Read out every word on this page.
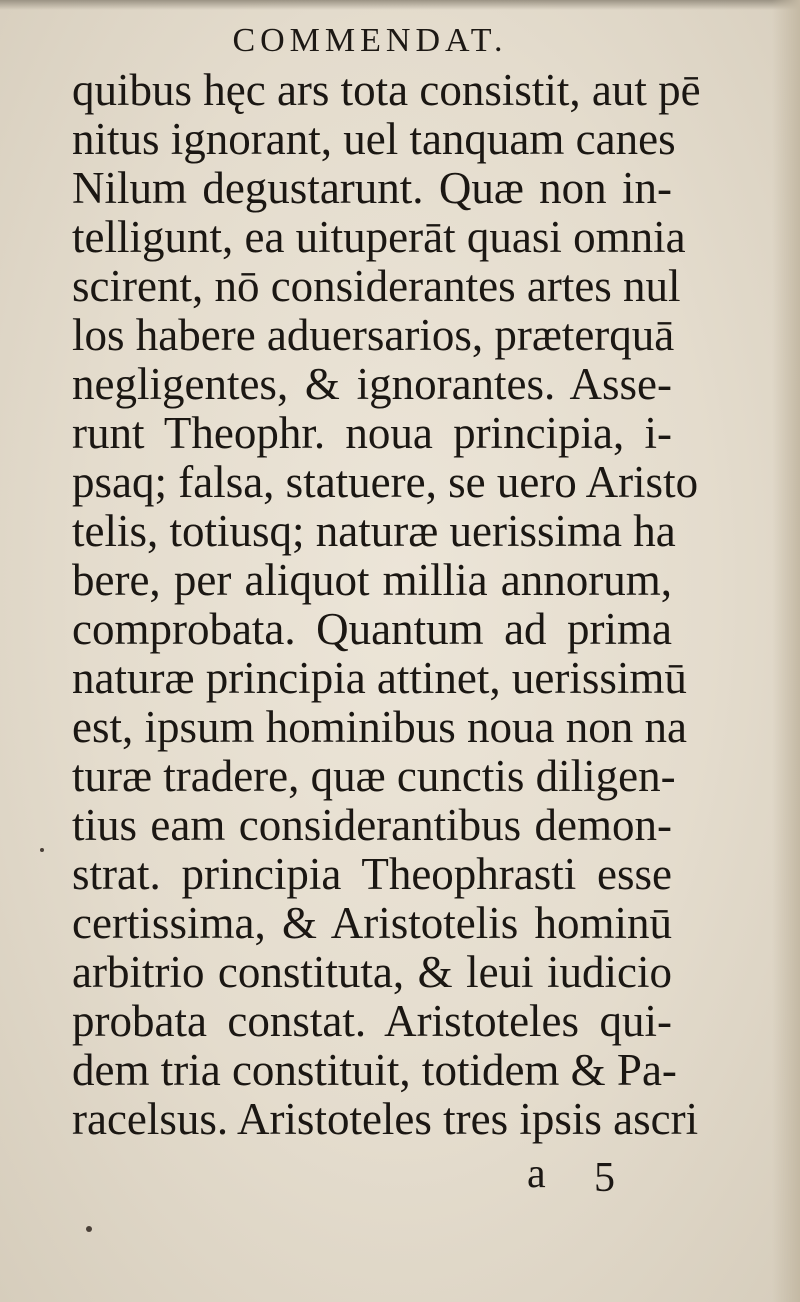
COMMENDAT.
quibus hęc ars tota consistit, aut pē
nitus ignorant, uel tanquam canes
Nilum degustarunt. Quæ non in-
telligunt, ea uituperāt quasi omnia
scirent, nō considerantes artes nul
los habere aduersarios, præterquā
negligentes, & ignorantes. Asse-
runt Theophr. noua principia, i-
psaq; falsa, statuere, se uero Aristo
telis, totiusq; naturæ uerissima ha
bere, per aliquot millia annorum,
comprobata. Quantum ad prima
naturæ principia attinet, uerissimū
est, ipsum hominibus noua non na
turæ tradere, quæ cunctis diligen-
tius eam considerantibus demon-
strat. principia Theophrasti esse
certissima, & Aristotelis hominū
arbitrio constituta, & leui iudicio
probata constat. Aristoteles qui-
dem tria constituit, totidem & Pa-
racelsus. Aristoteles tres ipsis ascri
a 5
